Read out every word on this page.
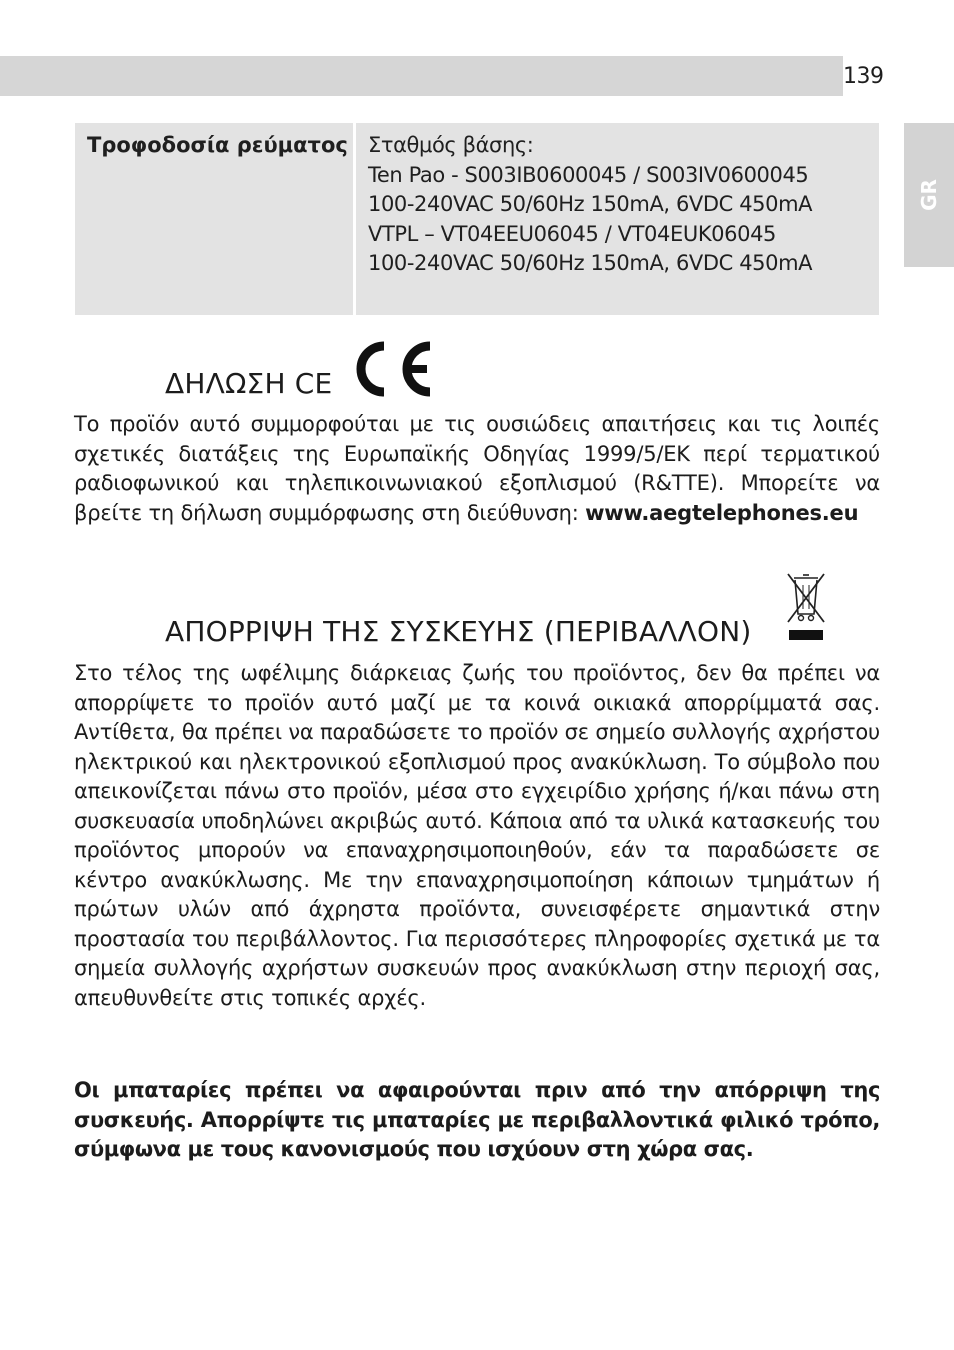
139
GR
Τροφοδοσία ρεύματος	Σταθμός βάσης:
Ten Pao - S003IB0600045 / S003IV0600045
100-240VAC 50/60Hz 150mA, 6VDC 450mA
VTPL – VT04EEU06045 / VT04EUK06045
100-240VAC 50/60Hz 150mA, 6VDC 450mA
ΔΗΛΩΣΗ CE
Το προϊόν αυτό συμμορφούται με τις ουσιώδεις απαιτήσεις και τις λοιπές σχετικές διατάξεις της Ευρωπαϊκής Οδηγίας 1999/5/ΕΚ περί τερματικού ραδιοφωνικού και τηλεπικοινωνιακού εξοπλισμού (R&TTE). Μπορείτε να βρείτε τη δήλωση συμμόρφωσης στη διεύθυνση: www.aegtelephones.eu
ΑΠΟΡΡΙΨΗ ΤΗΣ ΣΥΣΚΕΥΗΣ (ΠΕΡΙΒΑΛΛΟΝ)
Στο τέλος της ωφέλιμης διάρκειας ζωής του προϊόντος, δεν θα πρέπει να απορρίψετε το προϊόν αυτό μαζί με τα κοινά οικιακά απορρίμματά σας. Αντίθετα, θα πρέπει να παραδώσετε το προϊόν σε σημείο συλλογής αχρήστου ηλεκτρικού και ηλεκτρονικού εξοπλισμού προς ανακύκλωση. Το σύμβολο που απεικονίζεται πάνω στο προϊόν, μέσα στο εγχειρίδιο χρήσης ή/και πάνω στη συσκευασία υποδηλώνει ακριβώς αυτό. Κάποια από τα υλικά κατασκευής του προϊόντος μπορούν να επαναχρησιμοποιηθούν, εάν τα παραδώσετε σε κέντρο ανακύκλωσης. Με την επαναχρησιμοποίηση κάποιων τμημάτων ή πρώτων υλών από άχρηστα προϊόντα, συνεισφέρετε σημαντικά στην προστασία του περιβάλλοντος. Για περισσότερες πληροφορίες σχετικά με τα σημεία συλλογής αχρήστων συσκευών προς ανακύκλωση στην περιοχή σας, απευθυνθείτε στις τοπικές αρχές.
Οι μπαταρίες πρέπει να αφαιρούνται πριν από την απόρριψη της συσκευής. Απορρίψτε τις μπαταρίες με περιβαλλοντικά φιλικό τρόπο, σύμφωνα με τους κανονισμούς που ισχύουν στη χώρα σας.
